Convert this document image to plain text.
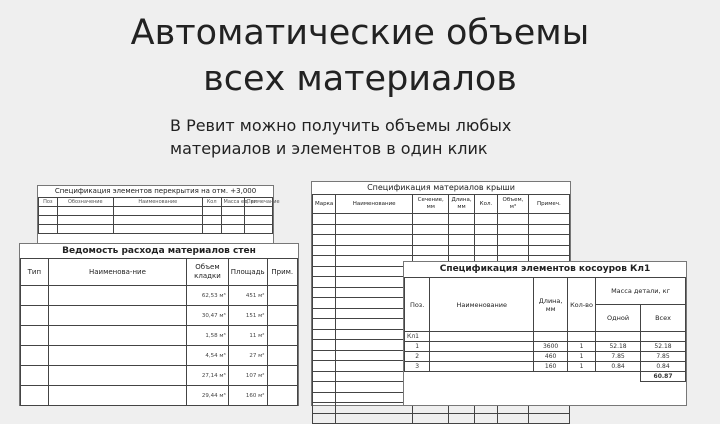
Автоматические объемы
всех материалов
В Ревит можно получить объемы любых
материалов и элементов в один клик
Спецификация элементов перекрытия на отм. +3,000
Поз	Обозначение	Наименование	Кол	Масса ед. кг	Примечание

Спецификация материалов крыши
Марка	Наименование	Сечение, мм	Длина, мм	Кол.	Объем, м³	Примеч.

Ведомость расхода материалов стен
Тип	Наименова-ние	Объем кладки	Площадь	Прим.
		62,53 м³	451 м²	
		30,47 м³	151 м²	
		1,58 м³	11 м²	
		4,54 м³	27 м²	
		27,14 м³	107 м²	
		29,44 м³	160 м²	
Спецификация элементов косоуров Кл1
Поз.	Наименование	Длина, мм	Кол-во	Масса детали, кг	
				Одной	Всех
Кл1					
1		3600	1	52.18	52.18
2		460	1	7.85	7.85
3		160	1	0.84	0.84
					60.87
